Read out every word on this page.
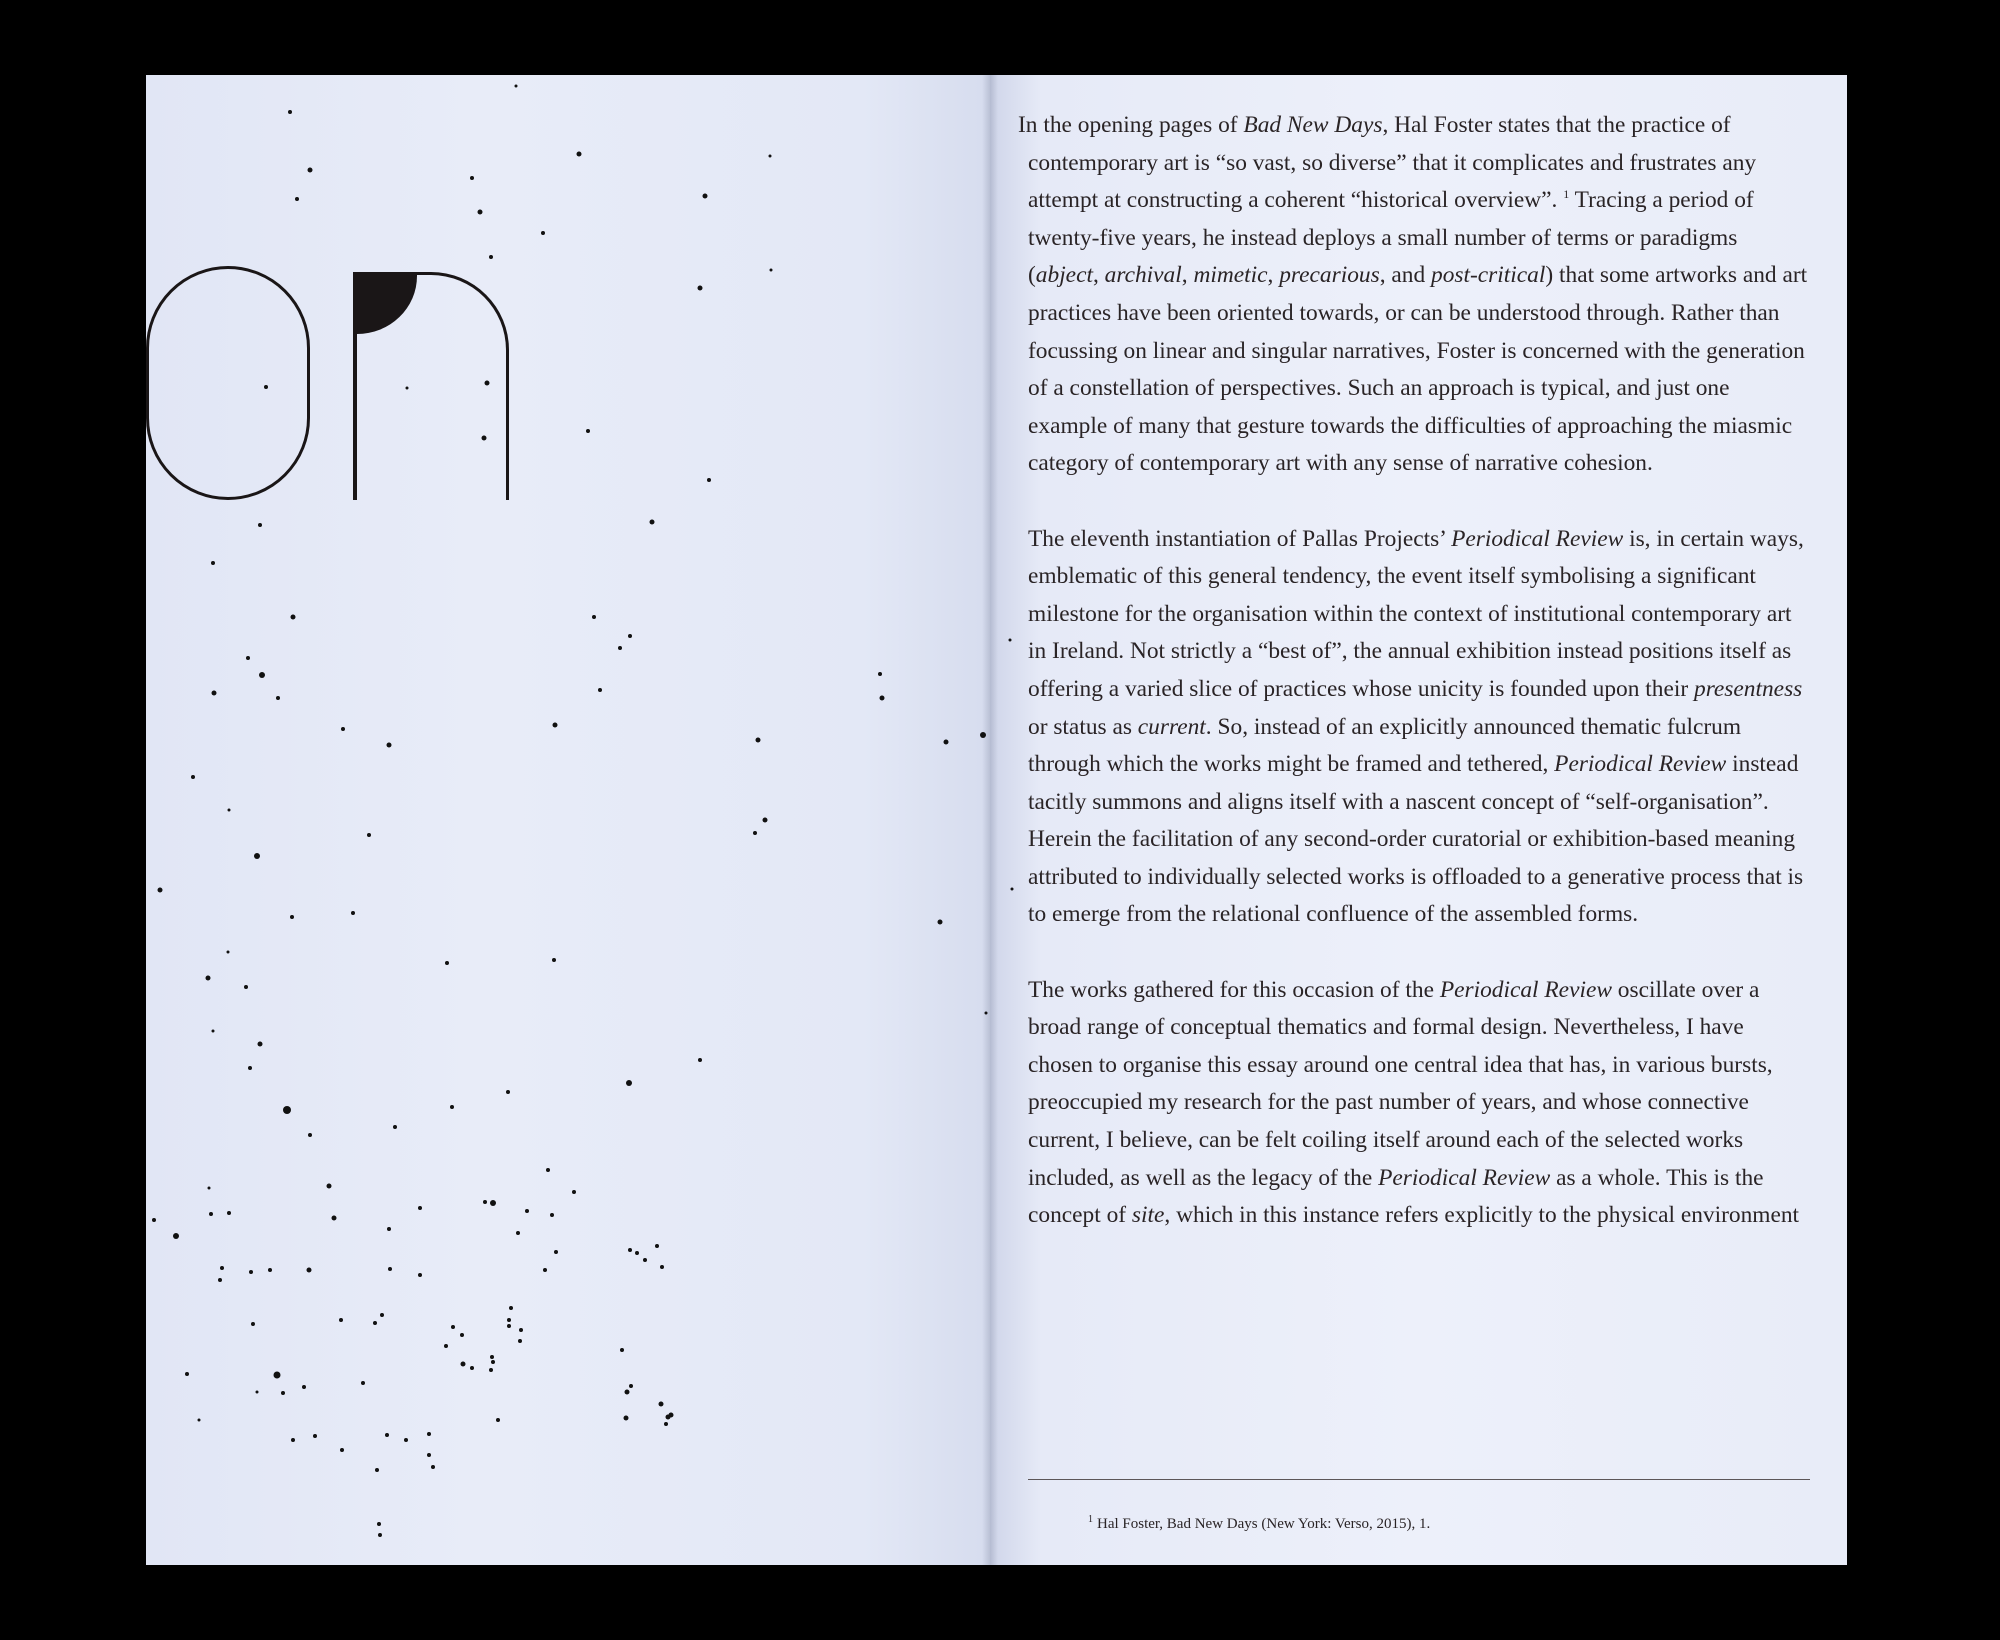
In the opening pages of Bad New Days, Hal Foster states that the practice of contemporary art is “so vast, so diverse” that it complicates and frustrates any attempt at constructing a coherent “historical overview”. $^1$ Tracing a period of twenty-five years, he instead deploys a small number of terms or paradigms (abject, archival, mimetic, precarious, and post-critical) that some artworks and art practices have been oriented towards, or can be understood through. Rather than focussing on linear and singular narratives, Foster is concerned with the generation of a constellation of perspectives. Such an approach is typical, and just one example of many that gesture towards the difficulties of approaching the miasmic category of contemporary art with any sense of narrative cohesion.

The eleventh instantiation of Pallas Projects’ Periodical Review is, in certain ways, emblematic of this general tendency, the event itself symbolising a significant milestone for the organisation within the context of institutional contemporary art in Ireland. Not strictly a “best of”, the annual exhibition instead positions itself as offering a varied slice of practices whose unicity is founded upon their presentness or status as current. So, instead of an explicitly announced thematic fulcrum through which the works might be framed and tethered, Periodical Review instead tacitly summons and aligns itself with a nascent concept of “self-organisation”. Herein the facilitation of any second-order curatorial or exhibition-based meaning attributed to individually selected works is offloaded to a generative process that is to emerge from the relational confluence of the assembled forms.

The works gathered for this occasion of the Periodical Review oscillate over a broad range of conceptual thematics and formal design. Nevertheless, I have chosen to organise this essay around one central idea that has, in various bursts, preoccupied my research for the past number of years, and whose connective current, I believe, can be felt coiling itself around each of the selected works included, as well as the legacy of the Periodical Review as a whole. This is the concept of site, which in this instance refers explicitly to the physical environment

$^1$ Hal Foster, Bad New Days (New York: Verso, 2015), 1.
